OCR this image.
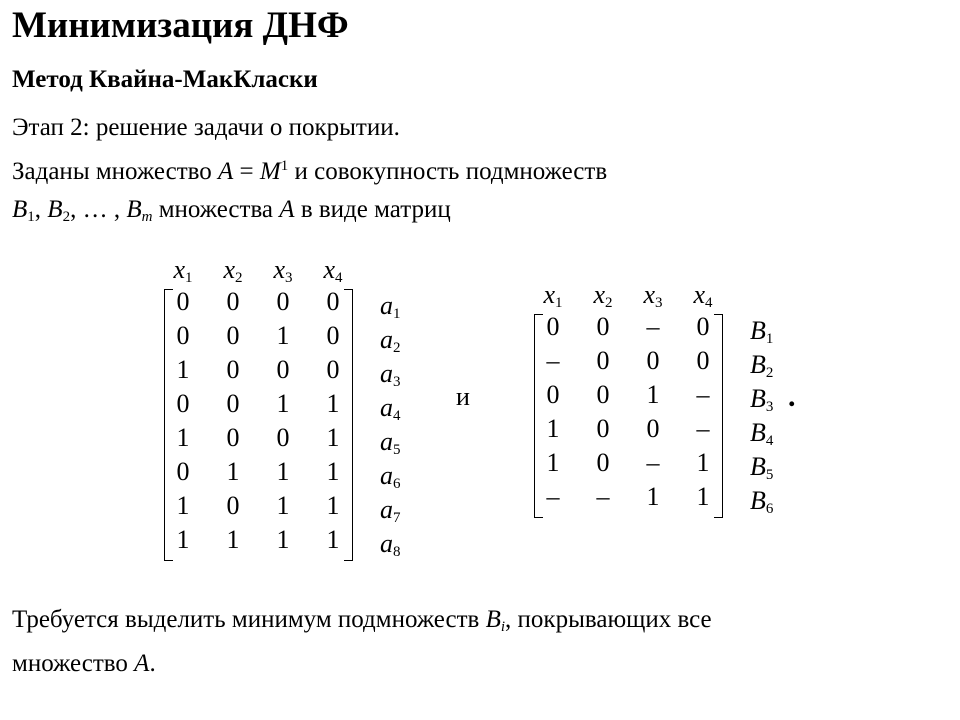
Минимизация ДНФ
Метод Квайна-МакКласки
Этап 2: решение задачи о покрытии.
Заданы множество $A = M^1$ и совокупность подмножеств
$B_1$, $B_2$, … , $B_m$ множества A в виде матриц
$x_1$ $x_2$ $x_3$ $x_4$
0	0	0	0	$a_1$
0	0	1	0	$a_2$
1	0	0	0	$a_3$
0	0	1	1	$a_4$
1	0	0	1	$a_5$
0	1	1	1	$a_6$
1	0	1	1	$a_7$
1	1	1	1	$a_8$
и
$x_1$ $x_2$ $x_3$ $x_4$
0	0	–	0	$B_1$
–	0	0	0	$B_2$
0	0	1	–	$B_3$
1	0	0	–	$B_4$
1	0	–	1	$B_5$
–	–	1	1	$B_6$
.
Требуется выделить минимум подмножеств $B_i$, покрывающих все
множество A.
